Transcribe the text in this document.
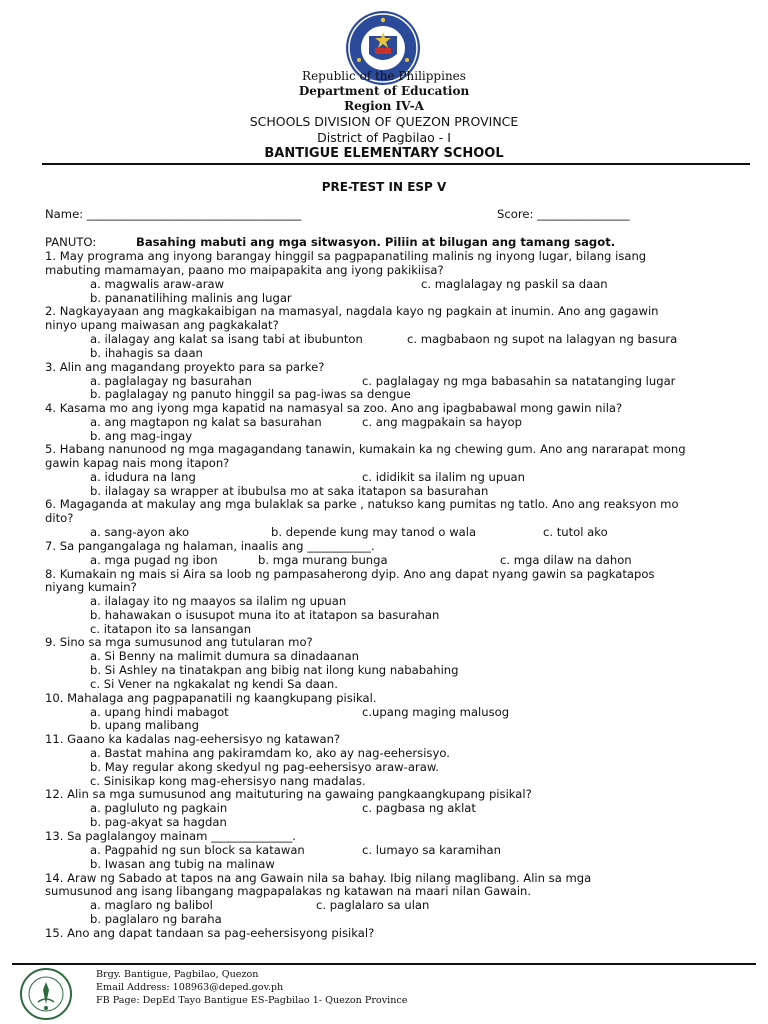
Republic of the Philippines
Department of Education
Region IV-A
SCHOOLS DIVISION OF QUEZON PROVINCE
District of Pagbilao - I
BANTIGUE ELEMENTARY SCHOOL
PRE-TEST IN ESP V
Name: _____________________________________	Score: ________________
PANUTO:	Basahing mabuti ang mga sitwasyon. Piliin at bilugan ang tamang sagot.
1. May programa ang inyong barangay hinggil sa pagpapanatiling malinis ng inyong lugar, bilang isang
mabuting mamamayan, paano mo maipapakita ang iyong pakikiisa?
a. magwalis araw-araw	c. maglalagay ng paskil sa daan
b. pananatilihing malinis ang lugar
2. Nagkayayaan ang magkakaibigan na mamasyal, nagdala kayo ng pagkain at inumin. Ano ang gagawin
ninyo upang maiwasan ang pagkakalat?
a. ilalagay ang kalat sa isang tabi at ibubunton	c. magbabaon ng supot na lalagyan ng basura
b. ihahagis sa daan
3. Alin ang magandang proyekto para sa parke?
a. paglalagay ng basurahan	c. paglalagay ng mga babasahin sa natatanging lugar
b. paglalagay ng panuto hinggil sa pag-iwas sa dengue
4. Kasama mo ang iyong mga kapatid na namasyal sa zoo. Ano ang ipagbabawal mong gawin nila?
a. ang magtapon ng kalat sa basurahan	c. ang magpakain sa hayop
b. ang mag-ingay
5. Habang nanunood ng mga magagandang tanawin, kumakain ka ng chewing gum. Ano ang nararapat mong
gawin kapag nais mong itapon?
a. idudura na lang	c. ididikit sa ilalim ng upuan
b. ilalagay sa wrapper at ibubulsa mo at saka itatapon sa basurahan
6. Magaganda at makulay ang mga bulaklak sa parke , natukso kang pumitas ng tatlo. Ano ang reaksyon mo
dito?
a. sang-ayon ako	b. depende kung may tanod o wala	c. tutol ako
7. Sa pangangalaga ng halaman, inaalis ang ___________.
a. mga pugad ng ibon	b. mga murang bunga	c. mga dilaw na dahon
8. Kumakain ng mais si Aira sa loob ng pampasaherong dyip. Ano ang dapat nyang gawin sa pagkatapos
niyang kumain?
a. ilalagay ito ng maayos sa ilalim ng upuan
b. hahawakan o isusupot muna ito at itatapon sa basurahan
c. itatapon ito sa lansangan
9. Sino sa mga sumusunod ang tutularan mo?
a. Si Benny na malimit dumura sa dinadaanan
b. Si Ashley na tinatakpan ang bibig nat ilong kung nababahing
c. Si Vener na ngkakalat ng kendi Sa daan.
10. Mahalaga ang pagpapanatili ng kaangkupang pisikal.
a. upang hindi mabagot	c.upang maging malusog
b. upang malibang
11. Gaano ka kadalas nag-eehersisyo ng katawan?
a. Bastat mahina ang pakiramdam ko, ako ay nag-eehersisyo.
b. May regular akong skedyul ng pag-eehersisyo araw-araw.
c. Sinisikap kong mag-ehersisyo nang madalas.
12. Alin sa mga sumusunod ang maituturing na gawaing pangkaangkupang pisikal?
a. pagluluto ng pagkain	c. pagbasa ng aklat
b. pag-akyat sa hagdan
13. Sa paglalangoy mainam ______________.
a. Pagpahid ng sun block sa katawan	c. lumayo sa karamihan
b. Iwasan ang tubig na malinaw
14. Araw ng Sabado at tapos na ang Gawain nila sa bahay. Ibig nilang maglibang. Alin sa mga
sumusunod ang isang libangang magpapalakas ng katawan na maari nilan Gawain.
a. maglaro ng balibol	c. paglalaro sa ulan
b. paglalaro ng baraha
15. Ano ang dapat tandaan sa pag-eehersisyong pisikal?
Brgy. Bantigue, Pagbilao, Quezon
Email Address: 108963@deped.gov.ph
FB Page: DepEd Tayo Bantigue ES-Pagbilao 1- Quezon Province
